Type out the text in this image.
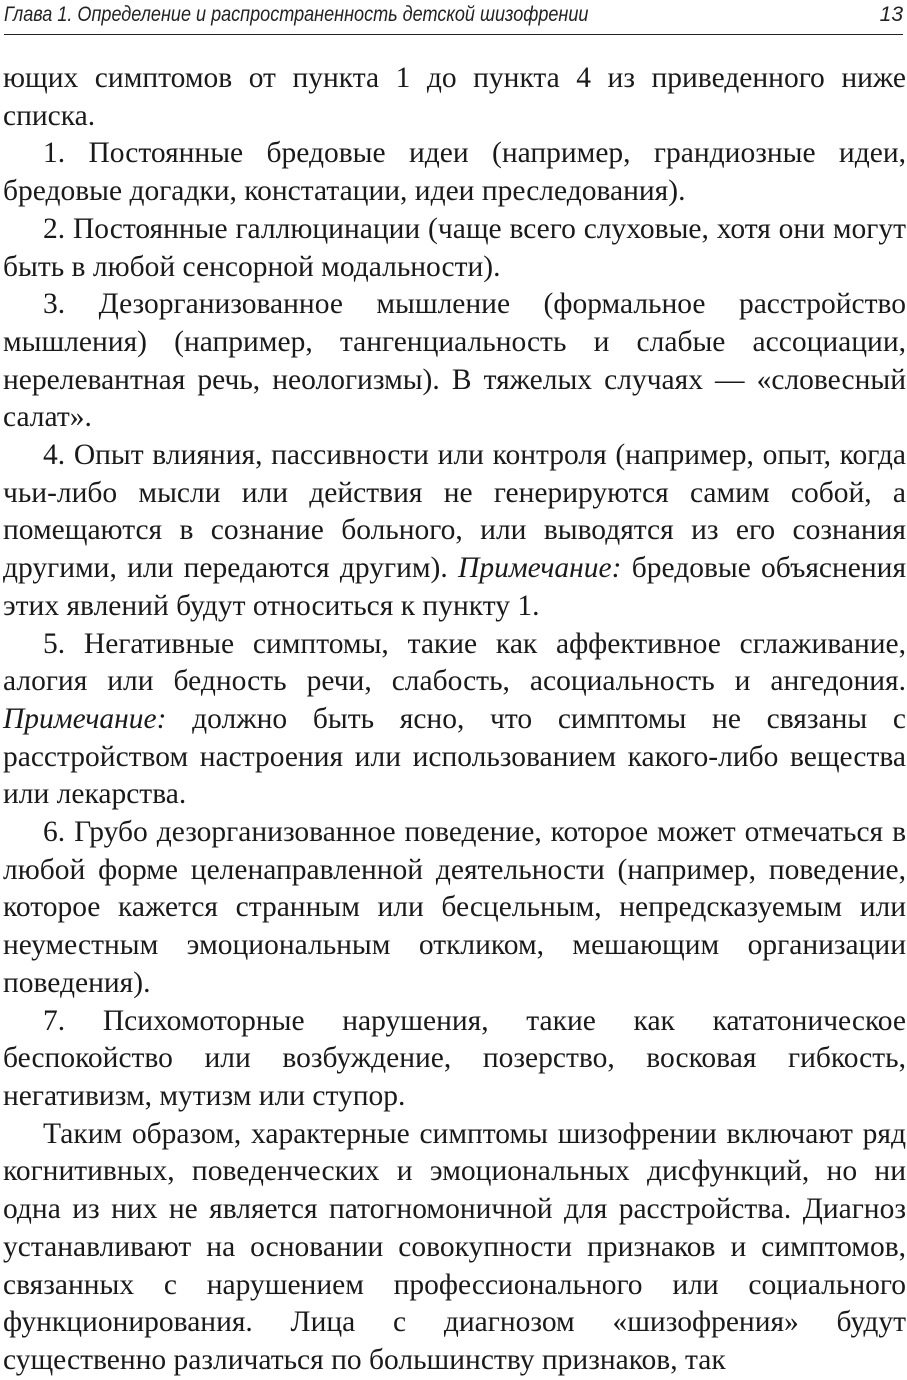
Глава 1. Определение и распространенность детской шизофрении	13

ющих симптомов от пункта 1 до пункта 4 из приведенного ниже списка.

1. Постоянные бредовые идеи (например, грандиозные идеи, бредовые догадки, констатации, идеи преследования).

2. Постоянные галлюцинации (чаще всего слуховые, хотя они могут быть в любой сенсорной модальности).

3. Дезорганизованное мышление (формальное расстройство мышления) (например, тангенциальность и слабые ассоциации, нерелевантная речь, неологизмы). В тяжелых случаях — «словесный салат».

4. Опыт влияния, пассивности или контроля (например, опыт, когда чьи-либо мысли или действия не генерируются самим собой, а помещаются в сознание больного, или выводятся из его сознания другими, или передаются другим). Примечание: бредовые объяснения этих явлений будут относиться к пункту 1.

5. Негативные симптомы, такие как аффективное сглаживание, алогия или бедность речи, слабость, асоциальность и ангедония. Примечание: должно быть ясно, что симптомы не связаны с расстройством настроения или использованием какого-либо вещества или лекарства.

6. Грубо дезорганизованное поведение, которое может отмечаться в любой форме целенаправленной деятельности (например, поведение, которое кажется странным или бесцельным, непредсказуемым или неуместным эмоциональным откликом, мешающим организации поведения).

7. Психомоторные нарушения, такие как кататоническое беспокойство или возбуждение, позерство, восковая гибкость, негативизм, мутизм или ступор.

Таким образом, характерные симптомы шизофрении включают ряд когнитивных, поведенческих и эмоциональных дисфункций, но ни одна из них не является патогномоничной для расстройства. Диагноз устанавливают на основании совокупности признаков и симптомов, связанных с нарушением профессионального или социального функционирования. Лица с диагнозом «шизофрения» будут существенно различаться по большинству признаков, так
